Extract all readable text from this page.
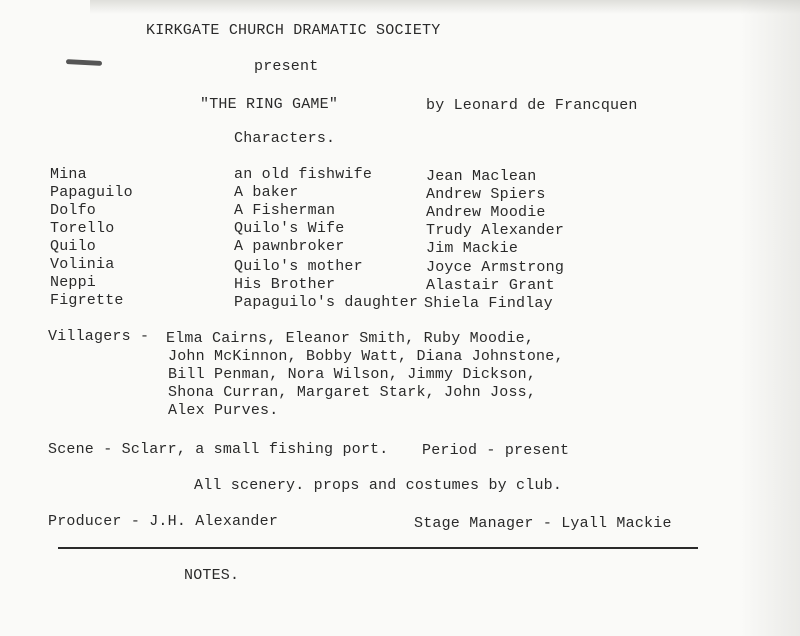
KIRKGATE CHURCH DRAMATIC SOCIETY
present
"THE RING GAME"	by Leonard de Francquen
Characters.
Mina	an old fishwife	Jean Maclean
Papaguilo	A baker	Andrew Spiers
Dolfo	A Fisherman	Andrew Moodie
Torello	Quilo's Wife	Trudy Alexander
Quilo	A pawnbroker	Jim Mackie
Volinia	Quilo's mother	Joyce Armstrong
Neppi	His Brother	Alastair Grant
Figrette	Papaguilo's daughter Shiela Findlay
Villagers - Elma Cairns, Eleanor Smith, Ruby Moodie,
John McKinnon, Bobby Watt, Diana Johnstone,
Bill Penman, Nora Wilson, Jimmy Dickson,
Shona Curran, Margaret Stark, John Joss,
Alex Purves.
Scene - Sclarr, a small fishing port. Period - present
All scenery. props and costumes by club.
Producer - J.H. Alexander	Stage Manager - Lyall Mackie
NOTES.
